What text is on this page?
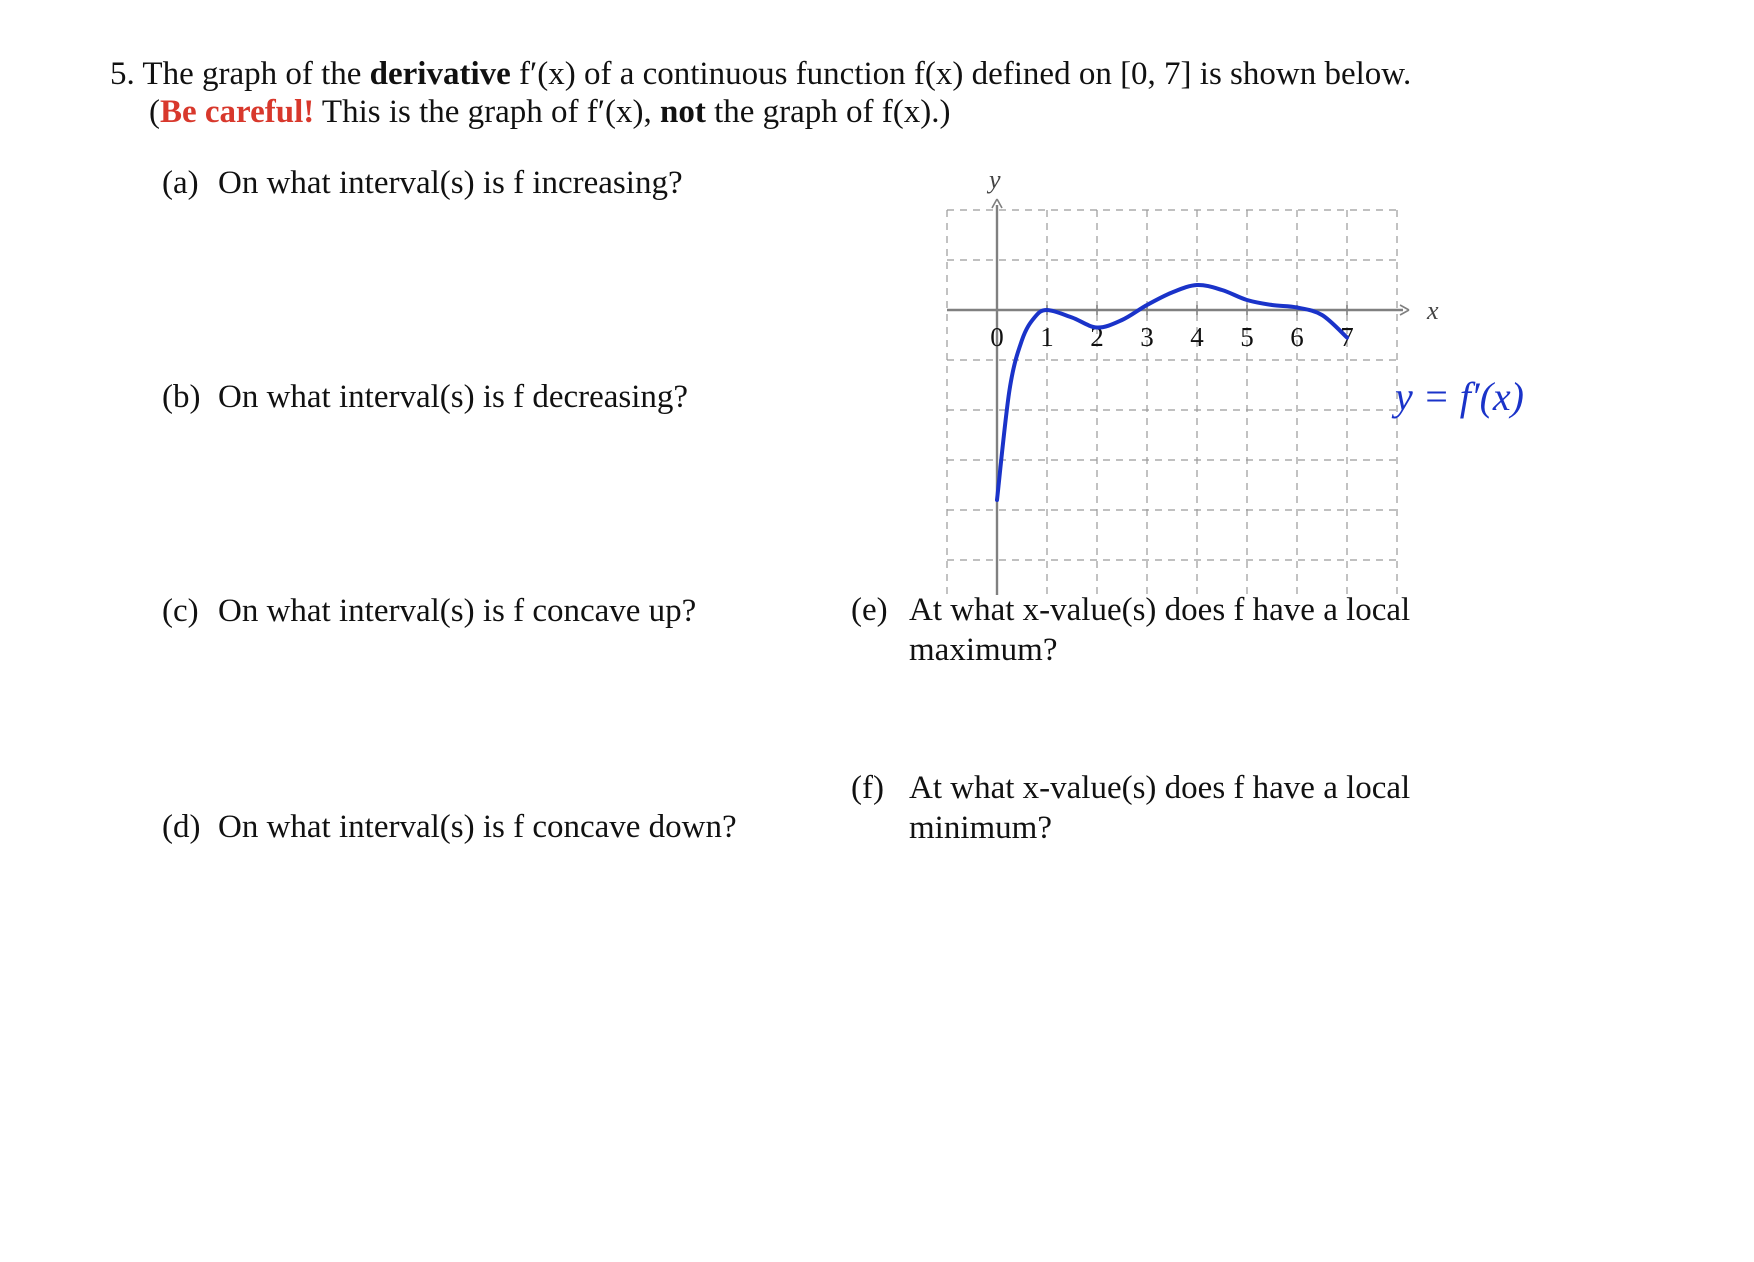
5. The graph of the derivative f′(x) of a continuous function f(x) defined on [0, 7] is shown below.
(Be careful! This is the graph of f′(x), not the graph of f(x).)
(a) On what interval(s) is f increasing?
(b) On what interval(s) is f decreasing?
(c) On what interval(s) is f concave up?
(d) On what interval(s) is f concave down?
(e) At what x-value(s) does f have a local
maximum?
(f) At what x-value(s) does f have a local
minimum?
x
y
0 1 2 3 4 5 6 7
y = f′(x)
